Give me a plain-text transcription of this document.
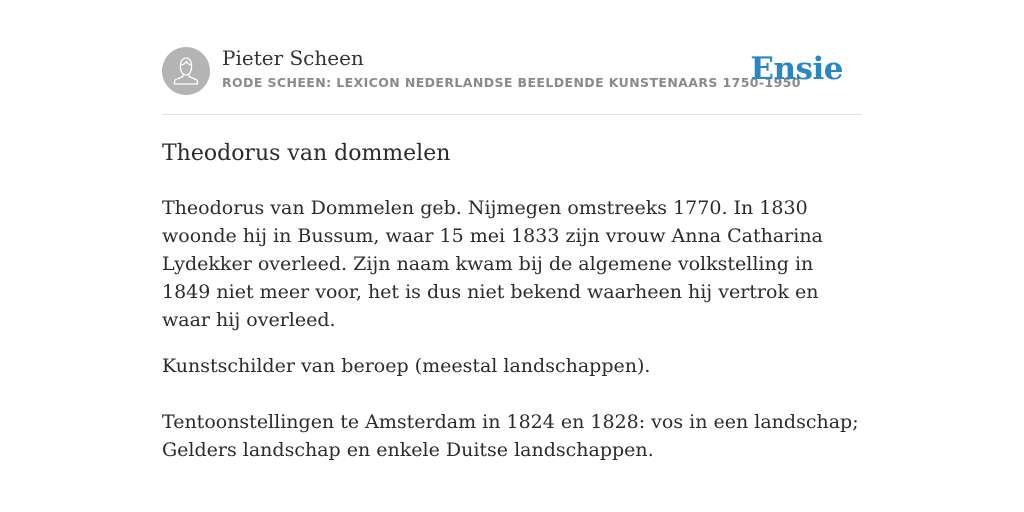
Pieter Scheen
RODE SCHEEN: LEXICON NEDERLANDSE BEELDENDE KUNSTENAARS 1750-1950
Ensie
Theodorus van dommelen

Theodorus van Dommelen geb. Nijmegen omstreeks 1770. In 1830 woonde hij in Bussum, waar 15 mei 1833 zijn vrouw Anna Catharina Lydekker overleed. Zijn naam kwam bij de algemene volkstelling in 1849 niet meer voor, het is dus niet bekend waarheen hij vertrok en waar hij overleed.

Kunstschilder van beroep (meestal landschappen).

Tentoonstellingen te Amsterdam in 1824 en 1828: vos in een landschap; Gelders landschap en enkele Duitse landschappen.
